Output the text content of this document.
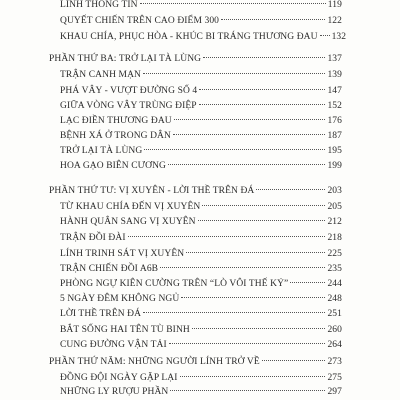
LÍNH THÔNG TIN	119
QUYẾT CHIẾN TRÊN CAO ĐIỂM 300	122
KHAU CHÍA, PHỤC HÒA - KHÚC BI TRÁNG THƯƠNG ĐAU 132
PHẦN THỨ BA: TRỞ LẠI TÀ LÙNG	137
TRẬN CANH MẠN	139
PHÁ VÂY - VƯỢT ĐƯỜNG SỐ 4	147
GIỮA VÒNG VÂY TRÙNG ĐIỆP	152
LẠC ĐIỀN THƯƠNG ĐAU	176
BỆNH XÁ Ở TRONG DÂN	187
TRỞ LẠI TÀ LÙNG	195
HOA GẠO BIÊN CƯƠNG	199
PHẦN THỨ TƯ: VỊ XUYÊN - LỜI THỀ TRÊN ĐÁ	203
TỪ KHAU CHÍA ĐẾN VỊ XUYÊN	205
HÀNH QUÂN SANG VỊ XUYÊN	212
TRẬN ĐỒI ĐÀI	218
LÍNH TRINH SÁT VỊ XUYÊN	225
TRẬN CHIẾN ĐỒI A6B	235
PHÒNG NGỰ KIÊN CƯỜNG TRÊN “LÒ VÔI THẾ KỶ”	244
5 NGÀY ĐÊM KHÔNG NGỦ	248
LỜI THỀ TRÊN ĐÁ	251
BẮT SỐNG HAI TÊN TÙ BINH	260
CUNG ĐƯỜNG VẬN TẢI	264
PHẦN THỨ NĂM: NHỮNG NGƯỜI LÍNH TRỞ VỀ	273
ĐỒNG ĐỘI NGÀY GẶP LẠI	275
NHỮNG LY RƯỢU PHẦN	297
